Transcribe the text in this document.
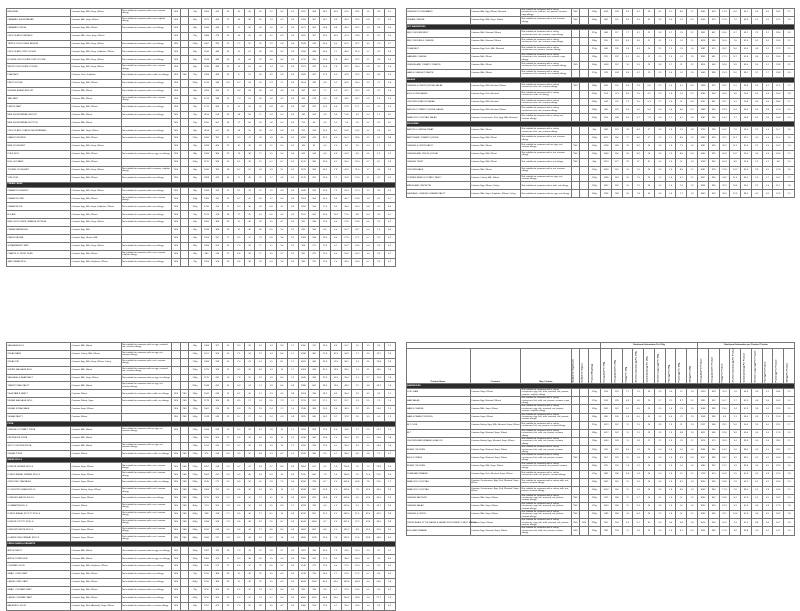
BROWNIE	Contains Egg, Milk, Soya, Wheat	Not suitable for someone with a nut, sesame allergy.	YES		70g	1853	442	26	15	45	42	2.2	5.5	0.2	1297	309	18.2	10.5	31.5	29.4	1.5	3.9	0.1
CARAMEL SHORTBREAD	Contains Milk, Soya, Wheat	Not suitable for someone with a nut, sulphite allergy.	YES		62g	2071	495	27	16	58	41	1.3	4.3	0.4	1284	307	16.7	9.9	36.0	25.4	0.8	2.7	0.2
CARAMEL FUDGE	Contains Egg, Milk, Wheat	Not suitable for someone with a nut allergy.	YES		80g	1846	440	21	11	58	44	1.6	4.7	0.5	1477	352	16.8	8.8	46.4	35.2	1.3	3.8	0.4
CHOCOLATE FLAPJACK	Contains Milk, Oats, Soya, Wheat		YES		75g	1988	476	26	14	55	33	4.1	6.3	0.4	1491	357	19.5	10.5	41.3	24.8	3.1	4.7	0.3
TRIPLE CHOCOLATE MUFFIN	Contains Egg, Milk, Soya, Wheat	Not suitable for someone with a nut allergy.	YES		120g	1807	432	22	7.5	52	31	2.9	5.8	0.6	2168	518	26.4	9.0	62.4	37.2	3.5	7.0	0.7
CHOCOLATE CHIP COOKIE	Contains Egg, Milk, Soya, Sulphites, Wheat	Not suitable for someone with a nut allergy.	YES		60g	2010	480	24	12	61	36	2.8	5.3	0.5	1206	288	14.4	7.2	36.6	21.6	1.7	3.2	0.3
DOUBLE CHOCOLATE CHIP COOKIE	Contains Egg, Milk, Soya, Wheat	Not suitable for someone with a nut allergy.	YES		60g	2019	483	25	13	60	37	3.6	5.6	0.5	1211	290	15.0	7.8	36.0	22.2	2.2	3.4	0.3
WHITE CHOCOLATE COOKIE	Contains Egg, Milk, Soya, Wheat	Not suitable for someone with a nut, sesame allergy.	YES		60g	2035	486	25	13	62	40	1.4	5.4	0.5	1221	292	15.0	7.8	37.2	24.0	0.8	3.2	0.3
FLAPJACK	Contains Oats, Sulphites	Not suitable for someone with a milk, nut allergy.	YES	YES	75g	1958	468	23	8	57	30	4.5	5.9	0.3	1469	351	17.3	6.0	42.8	22.5	3.4	4.4	0.2
FRUIT SCONE	Contains Egg, Milk, Wheat	Not suitable for someone with a nut allergy.	YES		100g	1414	336	9.8	5.2	54	16	2.3	7.1	0.9	1414	336	9.8	5.2	54.0	16.0	2.3	7.1	0.9
GINGER BREAD BISCUIT	Contains Milk, Wheat	Not suitable for someone with a nut allergy.	YES		45g	1893	450	17	9.6	69	36	1.8	4.8	0.6	852	203	7.7	4.3	31.1	16.2	0.8	2.2	0.3
JAM TART	Contains Milk, Wheat	Not suitable for someone with a nut, sesame allergy.	YES		55g	1673	398	15	7.0	61	34	1.6	3.2	0.3	920	219	8.3	3.9	33.6	18.7	0.9	1.8	0.2
LEMON TART	Contains Egg, Milk, Wheat	Not suitable for someone with a nut allergy.	YES		55g	1712	409	21	12	50	31	0.8	4.6	0.3	942	225	11.6	6.6	27.5	17.1	0.4	2.5	0.2
MINI SHORTBREAD BISCUIT	Contains Milk, Wheat	Not suitable for someone with a nut allergy.	YES		20g	2154	516	29	18	59	17	1.9	5.4	0.4	431	103	5.8	3.6	11.8	3.4	0.4	1.1	0.1
MINI SHORTBREAD BUTTON	Contains Milk, Wheat		YES		13g	2116	507	28	17	60	19	1.8	5.0	0.4	275	66	3.6	2.2	7.8	2.5	0.2	0.7	0.1
CHOCOLATE COATED SHORTBREAD	Contains Milk, Soya, Wheat	Not suitable for someone with a nut allergy.	YES		45g	2158	517	30	18	55	30	2.6	5.8	0.3	971	233	13.5	8.1	24.8	13.5	1.2	2.6	0.1
CARROT MUFFIN	Contains Egg, Milk, Wheat	Not suitable for someone with a nut allergy.	YES		120g	1660	397	21	3.3	47	28	1.8	4.6	0.7	1992	476	25.2	4.0	56.4	33.6	2.2	5.5	0.8
MINI DOUGHNUT	Contains Egg, Milk, Soya, Wheat		YES		20g	1699	406	22	10	45	18	2.2	6.0	0.5	340	81	4.4	2.0	9.0	3.6	0.4	1.2	0.1
PUFF ROLL	Contains Egg, Milk, Wheat	Not suitable for someone with an egg, nut allergy.	YES		38g	1586	380	22	13	38	17	1.5	5.0	0.6	603	144	8.4	4.9	14.4	6.5	0.6	1.9	0.2
EGG CUSTARD	Contains Egg, Milk, Wheat		YES		100g	1170	280	13	6.1	35	15	0.7	6.7	0.3	1170	280	13.0	6.1	35.0	15.0	0.7	6.7	0.3
TOFFEE DOUGHNUT	Contains Egg, Milk, Soya, Wheat	Not suitable for someone with a sesame, sulphite allergy.	YES		90g	1640	392	18	8.7	51	24	1.9	5.1	0.5	1476	353	16.2	7.8	45.9	21.6	1.7	4.6	0.5
YUM YUM	Contains Egg, Milk, Wheat	Not suitable for someone with a nut allergy.	YES		65g	1808	432	24	11	49	22	1.7	4.9	0.5	1175	281	15.6	7.2	31.9	14.3	1.1	3.2	0.3
CREAM CAKES																							
CREAM DOUGHNUT	Contains Egg, Milk, Soya, Wheat	Not suitable for someone with a nut allergy.	YES		80g	1308	313	17	9.1	33	15	1.5	4.9	0.4	1046	250	13.6	7.3	26.4	12.0	1.2	3.9	0.3
CREAM SCONE	Contains Egg, Milk, Wheat	Not suitable for someone with a nut, sesame allergy.	YES		110g	1385	331	15	8.7	42	18	1.7	5.6	0.6	1524	364	16.5	9.6	46.2	19.8	1.9	6.2	0.7
CREAM SLICE	Contains Egg, Milk, Soya, Sulphites, Wheat	Not suitable for someone with a nut allergy.	YES		100g	1310	314	17	9.3	36	24	0.8	3.1	0.3	1310	314	17.0	9.3	36.0	24.0	0.8	3.1	0.3
ECLAIR	Contains Egg, Milk, Wheat	Not suitable for someone with a nut allergy.	YES		70g	1573	378	28	17	25	14	0.6	4.5	0.2	1101	265	19.6	11.9	17.5	9.8	0.4	3.2	0.1
MINI CHOCOLATE ORANGE SPONGE	Contains Egg, Milk, Soya, Wheat	Not suitable for someone with a nut allergy.	YES		60g	1602	383	20	11	46	33	1.0	4.1	0.4	961	230	12.0	6.6	27.6	19.8	0.6	2.5	0.2
CREAM MERINGUE	Contains Egg, Milk		YES		45g	1539	368	19	12	46	46	0.0	3.5	0.1	693	166	8.6	5.4	20.7	20.7	0.0	1.6	0.0
PEACH MELBA	Contains Egg, Gluten, Milk		YES		90g	1203	287	17	9.5	31	19	0.8	3.6	0.2	1083	258	15.3	8.6	27.9	17.1	0.7	3.2	0.2
STRAWBERRY TART	Contains Egg, Milk, Soya, Wheat	Not suitable for someone with a nut allergy.	YES		85g	1066	255	14	7.9	29	17	1.1	3.0	0.2	906	217	11.9	6.7	24.7	14.5	0.9	2.6	0.2
CHANTILLY FRUIT FLAN	Contains Egg, Milk, Wheat	Not suitable for someone with a nut, sesame, sulphite allergy.	YES		95g	980	234	12	6.8	28	17	1.0	2.7	0.1	931	222	11.4	6.5	26.6	16.2	1.0	2.6	0.1
JAM CREAM ROLL	Contains Egg, Milk, Sulphites, Wheat	Not suitable for someone with a nut allergy.	YES		75g	1324	316	16	9.8	38	24	0.9	3.9	0.3	993	237	12.0	7.4	28.5	18.0	0.7	2.9	0.2
CHEESE PLOUGHMAN'S	Contains Milk, Egg, Wheat, Mustard	Not suitable for someone with a celery, crustacean, fish, mollusc, nut, peanut, sesame, soya allergy.	YES		190g	1001	239	9.4	4.2	29	3.1	2.1	9.6	1.1	1902	454	17.9	8.0	55.1	5.9	4.0	18.2	2.1
CREAM CHEESE	Contains Egg, Milk, Soya, Wheat	Not suitable for someone with a nut, sesame allergy.	YES		160g	966	231	8.0	4.5	31	3.2	2.0	7.6	0.9	1546	370	12.8	7.2	49.6	5.1	3.2	12.2	1.4
HOT SANDWICHES																							
BBQ CHICKEN MELT	Contains Milk, Mustard, Wheat	Not suitable for someone with a celery, crustacean, fish, nut, sesame, soya allergy.			215g	908	217	7.7	3.1	21	3.5	1.7	13	1.2	1952	467	16.6	6.7	45.2	7.5	3.7	28.0	2.6
BBQ CHICKEN & CHEESE	Contains Milk, Mustard, Wheat	Not suitable for someone with a celery, crustacean, fish, nut, sesame, soya allergy.			200g	914	218	8.0	3.8	21	3.1	1.5	14	1.1	1828	436	16.0	7.6	42.0	6.2	3.0	28.0	2.2
TUNA MELT	Contains Egg, Fish, Milk, Mustard	Not suitable for someone with a celery, crustacean, nut, peanut, sesame allergy.			210g	946	226	9.6	4.3	20	2.1	1.5	13	1.0	1987	475	20.2	9.0	42.0	4.4	3.2	27.3	2.1
HAM AND CHEESE	Contains Milk, Wheat	Not suitable for someone with a celery, crustacean, fish, mustard, nut, sesame, soya allergy.			190g	970	232	9.1	4.6	22	2.3	1.6	14	1.5	1843	441	17.3	8.7	41.8	4.4	3.0	26.6	2.9
CHEESE AND TOMATO TOASTIE	Contains Milk, Wheat	Not suitable for someone with a celery, crustacean, fish, mustard, nut, sesame allergy.	YES		180g	1008	241	10	5.5	25	3.0	1.7	11	1.2	1814	434	18.0	9.9	45.0	5.4	3.1	19.8	2.2
HAM & CHEESE TOASTIE	Contains Milk, Wheat	Not suitable for someone with a celery, crustacean, fish, mustard, nut, sesame allergy.			170g	978	234	9.0	4.7	23	2.2	1.6	14	1.5	1663	398	15.3	8.0	39.1	3.7	2.7	23.8	2.6
SALADS																							
CHEESE & ONION QUICHE SALAD	Contains Egg, Milk, Mustard, Wheat	Not suitable for someone with a celery, crustacean, fish, nut, sesame allergy.	YES		280g	485	116	6.6	2.9	9.6	2.1	1.5	4.1	0.6	1358	325	18.5	8.1	26.9	5.9	4.2	11.5	1.7
EGG & FISH SALAD	Contains Egg, Fish, Mustard	Not suitable for someone with a celery, crustacean, milk, nut allergy.			250g	514	123	8.3	1.5	4.2	2.0	1.3	7.6	0.7	1285	308	20.8	3.8	10.5	5.0	3.3	19.0	1.8
CHICKEN & BACON SALAD	Contains Egg, Milk, Mustard	Not suitable for someone with a celery, crustacean, fish, nut, sesame allergy.			260g	549	131	7.2	2.0	5.3	1.7	1.4	11	0.8	1427	341	18.7	5.2	13.8	4.4	3.6	28.6	2.1
BACON & TOMATO QUICHE SALAD	Contains Egg, Milk, Mustard, Wheat	Not suitable for someone with a celery, crustacean, fish, nut, sesame allergy.			280g	496	119	6.9	3.0	9.4	2.0	1.4	4.6	0.7	1389	333	19.3	8.4	26.3	5.6	3.9	12.9	2.0
SEAFOOD COCKTAIL SALAD	Contains Crustaceans, Fish, Egg, Milk, Mustard	Not suitable for someone with a celery, nut, sesame allergy.			240g	453	108	6.0	0.7	7.0	2.6	1.1	6.1	1.0	1087	259	14.4	1.7	16.8	6.2	2.6	14.6	2.4
SAVOURIES																							
BACON & CHEESE WRAP	Contains Milk, Wheat	Not suitable for someone with a celery, crustacean, fish, nut, sesame allergy.			90g	1361	325	18	8.4	27	2.5	1.5	13	1.8	1225	293	16.2	7.6	24.3	2.3	1.4	11.7	1.6
BACON AND TOMATO QUICHE	Contains Egg, Milk, Wheat	Not suitable for someone with a nut, sesame allergy.			130g	1071	256	17	8.6	17	2.3	1.1	8.8	1.2	1392	333	22.1	11.2	22.1	3.0	1.4	11.4	1.6
CHEESE & ONION PASTY	Contains Milk, Wheat	Not suitable for someone with an egg, nut, sesame allergy.	YES		140g	1208	289	18	8.2	24	1.8	1.8	7.3	1.0	1691	405	25.2	11.5	33.6	2.5	2.5	10.2	1.4
CHEESE AND ONION QUICHE	Contains Egg, Milk, Wheat	Not suitable for someone with a nut, sesame allergy.	YES		130g	1046	250	16	8.2	18	2.6	1.2	8.0	0.9	1360	325	20.8	10.7	23.4	3.4	1.6	10.4	1.2
CHEESE TWIST	Contains Egg, Milk, Wheat	Not suitable for someone with a nut allergy.	YES		80g	1574	377	23	12	31	1.6	1.5	11	1.3	1259	302	18.4	9.6	24.8	1.3	1.2	8.8	1.0
CHICKEN BAKE	Contains Milk, Wheat	Not suitable for someone with a nut, sesame allergy.			145g	1090	261	15	7.0	23	1.9	1.4	8.8	1.1	1581	378	21.8	10.2	33.4	2.8	2.0	12.8	1.6
CORNED BEEF & POTATO PASTY	Contains Celery, Milk, Wheat	Not suitable for someone with an egg, nut, sesame allergy.			150g	1098	263	16	7.5	23	1.2	1.8	6.7	1.1	1647	394	24.0	11.3	34.5	1.8	2.7	10.1	1.7
MINCE AND ONION PIE	Contains Egg, Wheat, Celery	Not suitable for someone with a milk, nut allergy.			150g	1097	262	15	7.2	24	1.5	1.6	7.4	1.2	1646	393	22.5	10.8	36.0	2.3	2.4	11.1	1.8
SAUSAGE, CHEESE & BEANS PASTY	Contains Milk, Soya, Sulphites, Wheat, Celery	Not suitable for someone with an egg, nut allergy.			160g	1126	269	16	7.8	24	2.6	1.9	7.7	1.3	1802	430	25.6	12.5	38.4	4.2	3.0	12.3	2.1
SAUSAGE ROLL	Contains Milk, Wheat	Not suitable for someone with an egg, mustard, nut, sesame allergy.			95g	1368	327	20	9.0	26	1.0	1.4	9.9	1.2	1300	311	19.0	8.6	24.7	1.0	1.3	9.4	1.1
STEAK BAKE	Contains Celery, Milk, Wheat	Not suitable for someone with an egg, nut, sesame allergy.			145g	1101	263	15	7.1	24	1.2	1.4	8.4	1.1	1596	381	21.8	10.3	34.8	1.7	2.0	12.2	1.6
STEAK PIE	Contains Egg, Milk, Soya, Wheat, Celery	Not suitable for someone with a nut, sesame allergy.			170g	1083	259	15	7.0	23	1.4	1.5	8.1	1.2	1841	440	25.5	11.9	39.1	2.4	2.6	13.8	2.0
SUPER SAUSAGE ROLL	Contains Milk, Wheat	Not suitable for someone with an egg, mustard, nut, sesame allergy.			150g	1375	329	21	9.2	26	0.9	1.4	10	1.2	2063	494	31.5	13.8	39.0	1.4	2.1	15.0	1.8
SAUSAGE & BEAN MELT	Contains Milk, Soya, Wheat	Not suitable for someone with an egg, nut allergy.			140g	1175	281	16	7.8	25	2.9	1.9	8.4	1.3	1645	393	22.4	10.9	35.0	4.1	2.7	11.8	1.8
TRADITIONAL PASTY	Contains Milk, Wheat	Not suitable for someone with an egg, nut, sesame allergy.			200g	1048	251	14	6.9	24	1.1	1.9	6.6	0.9	2096	502	28.0	13.8	48.0	2.2	3.8	13.2	1.8
VEGETABLE PASTY	Contains Wheat	Not suitable for someone with a milk, nut allergy.	YES	YES	140g	1002	240	13	6.1	26	2.1	2.3	4.5	0.8	1403	336	18.2	8.5	36.4	2.9	3.2	6.3	1.1
VEGAN SAUSAGE ROLL	Contains Wheat, Soya	Not suitable for someone with a milk, nut allergy.	YES	YES	95g	1279	306	18	8.5	27	1.4	2.6	7.9	1.1	1215	291	17.1	8.1	25.7	1.3	2.5	7.5	1.0
VEGAN STEAK BAKE	Contains Soya, Wheat		YES	YES	145g	1061	254	14	6.6	25	1.5	2.4	7.2	1.0	1538	368	20.3	9.6	36.3	2.2	3.5	10.4	1.5
VEGAN PASTY	Contains Wheat		YES	YES	140g	1018	243	13	6.2	27	2.0	2.4	4.3	0.9	1425	340	18.2	8.7	37.8	2.8	3.4	6.0	1.3
PIZZA																							
CHEESE & TOMATO PIZZA	Contains Milk, Wheat	Not suitable for someone with an egg, nut, sesame allergy.	YES		120g	1044	249	10	5.3	29	3.1	1.9	11	1.1	1253	299	12.0	6.4	34.8	3.7	2.3	13.2	1.3
PEPPERONI PIZZA	Contains Milk, Wheat				130g	1100	263	12	5.8	28	3.0	1.8	12	1.4	1430	342	15.6	7.5	36.4	3.9	2.3	15.6	1.8
SPICY CHICKEN PIZZA	Contains Milk, Wheat	Not suitable for someone with an egg, nut, sesame allergy.			130g	1012	242	9.2	4.7	28	3.3	1.9	13	1.2	1316	315	12.0	6.1	36.4	4.3	2.5	16.9	1.6
VEGAN PIZZA	Contains Wheat	Not suitable for someone with a milk, nut allergy.	YES	YES	120g	974	233	8.0	3.9	32	3.8	2.3	6.1	1.0	1169	280	9.6	4.7	38.4	4.6	2.8	7.3	1.2
BREAD ROLLS																							
6 WHITE DINNER ROLLS	Contains Soya, Wheat	Not suitable for someone with a nut, sesame allergy.	YES	YES	270g	1057	249	2.4	0.7	47	2.8	2.7	8.8	0.9	2854	672	6.5	1.9	126.9	7.6	7.3	23.8	2.4
6 WHOLEMEAL DINNER ROLLS	Contains Soya, Wheat	Not suitable for someone with a nut, sesame allergy.	YES	YES	270g	1002	237	2.9	0.5	40	2.6	6.3	10	0.9	2705	640	7.8	1.4	108.0	7.0	17.0	27.0	2.4
4 FRUITED TEACAKES	Contains Soya, Wheat	Not suitable for someone with a milk, nut allergy.	YES	YES	280g	1145	271	3.1	0.9	52	16	2.8	7.5	0.6	3206	759	8.7	2.5	145.6	44.8	7.8	21.0	1.7
6 COUNTRY GRAIN ROLLS	Contains Barley, Soya, Wheat	Not suitable for someone with a nut, sesame allergy.	YES	YES	330g	1063	252	4.2	0.6	42	2.4	4.5	10	1.0	3508	832	13.9	2.0	138.6	7.9	14.9	33.0	3.3
6 SEEDED BATCH ROLLS	Contains Soya, Wheat	Not suitable for someone with a nut allergy.	YES	YES	330g	1119	265	5.7	0.8	42	2.1	4.2	10	0.9	3693	875	18.8	2.6	138.6	6.9	13.9	33.0	3.0
4 CIABATTA ROLLS	Contains Wheat	Not suitable for someone with a nut, sesame allergy.	YES	YES	300g	1111	262	2.8	0.4	50	1.8	2.5	8.9	1.2	3333	786	8.4	1.2	150.0	5.4	7.5	26.7	3.6
6 WHOLEMEAL STOTTY ROLLS	Contains Soya, Wheat	Not suitable for someone with a nut, sesame allergy.	YES	YES	420g	998	236	2.7	0.5	40	2.7	6.1	10	0.9	4192	991	11.3	2.1	168.0	11.3	25.6	42.0	3.8
6 WHITE STOTTY ROLLS	Contains Soya, Wheat	Not suitable for someone with a nut, sesame allergy.	YES	YES	420g	1058	249	2.3	0.6	48	2.9	2.6	8.7	0.9	4444	1046	9.7	2.5	201.6	12.2	10.9	36.5	3.8
6 BROWN WHITE ROLLS	Contains Soya, Wheat	Not suitable for someone with a nut, sesame allergy.	YES	YES	330g	1031	243	2.6	0.6	44	2.7	4.6	9.4	0.9	3402	802	8.6	2.0	145.2	8.9	15.2	31.0	3.0
6 LARGE WHOLEMEAL ROLLS	Contains Soya, Wheat	Not suitable for someone with a nut, sesame allergy.	YES	YES	480g	1000	237	2.8	0.5	40	2.6	6.2	10	0.9	4800	1138	13.4	2.4	192.0	12.5	29.8	48.0	4.3
FRESH CAKES & DESSERTS																							
APPLE PASTY	Contains Milk, Wheat	Not suitable for someone with an egg, nut allergy.	YES		100g	1397	333	16	7.9	43	15	2.0	3.7	0.2	1397	333	16.0	7.9	43.0	15.0	2.0	3.7	0.2
APPLE TURNOVER	Contains Milk, Wheat	Not suitable for someone with an egg, nut allergy.	YES		100g	1360	325	17	9.3	38	18	1.5	3.5	0.3	1360	325	17.0	9.3	38.0	18.0	1.5	3.5	0.3
CUSTARD SLICE	Contains Egg, Milk, Sulphites, Wheat	Not suitable for someone with a nut allergy.	YES		100g	1140	272	12	6.4	37	22	0.6	3.2	0.3	1140	272	12.0	6.4	37.0	22.0	0.6	3.2	0.3
SMALL CURD TART	Contains Egg, Milk, Wheat	Not suitable for someone with a nut allergy.	YES		70g	1611	385	20	11	45	25	1.0	6.5	0.4	1128	270	14.0	7.7	31.5	17.5	0.7	4.6	0.3
LARGE CURD TART	Contains Egg, Milk, Wheat	Not suitable for someone with a nut allergy.	YES		400g	1611	385	20	11	45	25	1.0	6.5	0.4	6444	1540	80.0	44.0	180.0	100.0	4.0	26.0	1.6
SMALL CUSTARD TART	Contains Egg, Milk, Wheat	Not suitable for someone with a nut allergy.	YES		75g	1110	265	13	6.2	31	14	0.7	6.6	0.3	833	199	9.8	4.7	23.3	10.5	0.5	5.0	0.2
LARGE CUSTARD TART	Contains Egg, Milk, Wheat	Not suitable for someone with a nut allergy.	YES		420g	1110	265	13	6.2	31	14	0.7	6.6	0.3	4662	1113	54.6	26.0	130.2	58.8	2.9	27.7	1.3
BAKEWELL SLICE	Contains Egg, Nuts (Almond), Soya, Wheat	Not suitable for someone with a sesame allergy.	YES		60g	1767	422	20	7.9	55	34	1.6	4.7	0.4	1060	253	12.0	4.7	33.0	20.4	1.0	2.8	0.2
						Nutritional Information Per 100g									Nutritional Information per Product / Portion								
Product Name	Contains	May Contain	Suitable for Vegetarians	Suitable for Vegans	Product Weight (g)	Energy (kJ) Per 100g	Energy (kcal) Per 100g	Fat (g) Per 100g	Of which saturates (g) Per 100g	Carbohydrate (g) Per 100g	Of which sugars (g) Per 100g	Fibre (g) Per 100g	Protein (g) Per 100g	Salt (g) Per 100g	Energy (kJ) Per Product	Energy (kcal) Per Product	Fat (g) Per Product	Of which saturates (g) Per Product	Carbohydrate (g) Per Product	Of which sugars (g) Per Product	Fibre (g) Per Product	Protein (g) Per Product	Salt (g) Per Product

SANDWICHES																							
LUXY HAM	Contains Soya, Wheat	Not suitable for someone with a celery, crustacean, egg, fish, milk, mustard, nut, peanut, sesame, sulphite allergy.			155g	918	219	7.1	1.2	26	2.9	2.0	12	1.4	1423	339	11.0	1.9	40.3	4.5	3.1	18.6	2.2
HAM SALAD	Contains Egg, Mustard, Wheat	Not suitable for someone with a celery, crustacean, fish, milk, nut, peanut, sesame, soya allergy.			170g	818	195	6.3	1.0	25	2.7	2.1	9.7	1.2	1391	332	10.7	1.7	42.5	4.6	3.6	16.5	2.0
HAM & CHEESE	Contains Milk, Soya, Wheat	Not suitable for someone with a celery, crustacean, egg, fish, mustard, nut, peanut, sesame, sulphite allergy.			165g	1011	242	9.1	4.5	25	2.3	1.8	13	1.5	1668	399	15.0	7.4	41.3	3.8	3.0	21.5	2.5
HAM & PEASE PUDDING	Contains Soya, Wheat	Not suitable for someone with a celery, crustacean, egg, fish, milk, mustard, nut, peanut, sesame allergy.			180g	860	205	3.8	0.6	30	2.4	4.4	12	1.3	1548	369	6.8	1.1	54.0	4.3	7.9	21.6	2.3
BLT CLUB	Contains Barley, Egg, Milk, Mustard, Soya, Wheat	Not suitable for someone with a celery, crustacean, fish, nut, peanut, sesame allergy.			210g	1013	242	11	2.4	24	2.8	1.9	11	1.3	2127	508	23.1	5.0	50.4	5.9	4.0	23.1	2.7
BLT	Contains Egg, Mustard, Soya, Wheat	Not suitable for someone with a celery, crustacean, fish, milk, nut, peanut, sesame allergy.			180g	1012	242	11	2.1	25	2.5	1.9	9.8	1.3	1822	436	19.8	3.8	45.0	4.5	3.4	17.6	2.3
CHICKEN MAYONNAISE & BACON	Contains Barley, Egg, Mustard, Soya, Wheat	Not suitable for someone with a celery, crustacean, fish, milk, nut, peanut, sesame allergy.			190g	1040	249	11	1.8	21	2.1	1.9	15	1.1	1976	473	20.9	3.4	39.9	4.0	3.6	28.5	2.1
ROAST CHICKEN	Contains Egg, Mustard, Soya, Wheat	Not suitable for someone with a celery, crustacean, fish, milk, nut, peanut, sesame allergy.			165g	931	222	8.0	1.2	23	2.0	1.9	14	1.0	1536	366	13.2	2.0	38.0	3.3	3.1	23.1	1.7
EGG & CRESS	Contains Egg, Mustard, Soya, Wheat	Not suitable for someone with a celery, crustacean, fish, milk, nut, peanut, sesame allergy.	YES		170g	957	229	11	1.9	23	1.9	1.9	9.3	0.9	1627	389	18.7	3.2	39.1	3.2	3.2	15.8	1.5
ROAST CHICKEN	Contains Egg, Milk, Soya, Wheat	Not suitable for someone with a celery, crustacean, fish, mustard, nut, peanut, sesame allergy.			160g	925	220	7.6	1.2	23	2.1	1.9	14	1.0	1480	352	12.2	1.9	36.8	3.4	3.0	22.4	1.6
TUNA MAYONNAISE	Contains Egg, Fish, Mustard, Soya, Wheat	Not suitable for someone with a celery, crustacean, milk, nut, peanut, sesame allergy.			175g	988	236	9.6	1.4	24	2.0	1.9	12	1.1	1729	413	16.8	2.5	42.0	3.5	3.3	21.0	1.9
SEAFOOD COCKTAIL	Contains Crustaceans, Egg, Fish, Mustard, Soya, Wheat	Not suitable for someone with a celery, milk, nut, peanut, sesame allergy.			180g	1011	242	11	1.6	24	3.4	1.8	9.2	1.3	1820	436	19.8	2.9	43.2	6.1	3.2	16.6	2.3
SEAFOOD COCKTAIL	Contains Crustaceans, Egg, Fish, Mustard, Soya, Wheat	Not suitable for someone with a celery, milk, nut, peanut, sesame allergy.			160g	1002	240	11	1.6	24	3.2	1.8	9.0	1.3	1603	384	17.6	2.6	38.4	5.1	2.9	14.4	2.1
CHEESE SAVOURY	Contains Milk, Soya, Wheat	Not suitable for someone with a celery, crustacean, egg, fish, mustard, nut, peanut, sesame allergy.	YES		165g	1121	268	12	5.7	26	3.1	1.8	11	1.2	1850	442	19.8	9.4	42.9	5.1	3.0	18.2	2.0
CHEESE SALAD	Contains Milk, Soya, Wheat	Not suitable for someone with a celery, crustacean, egg, fish, mustard, nut, peanut, sesame allergy.	YES		175g	1040	248	11	5.3	24	2.6	1.9	10	1.0	1820	434	19.3	9.3	42.0	4.6	3.3	17.5	1.8
CHEESE & ONION	Contains Milk, Soya, Wheat	Not suitable for someone with a celery, crustacean, egg, fish, mustard, nut, peanut, sesame allergy.	YES		165g	1185	284	14	6.4	25	2.2	1.8	11	1.1	1955	469	23.1	10.6	41.3	3.6	3.0	18.2	1.8
ONION BHAJI STYLE SALAD & SALAD WITH SWEET CHILLI SAUCE	Contains Soya, Wheat	Not suitable for someone with a celery, crustacean, egg, fish, milk, mustard, nut, peanut, sesame allergy.	YES	YES	185g	852	203	5.4	0.7	31	5.3	3.0	5.8	1.0	1576	376	10.0	1.3	57.4	9.8	5.6	10.7	1.9
EGG MAYONNAISE	Contains Egg, Mustard, Soya, Wheat	Not suitable for someone with a celery, crustacean, fish, milk, nut, peanut, sesame allergy.	YES		160g	959	229	11	1.9	23	1.9	1.9	9.2	0.9	1534	366	17.6	3.0	36.8	3.0	3.0	14.7	1.4
